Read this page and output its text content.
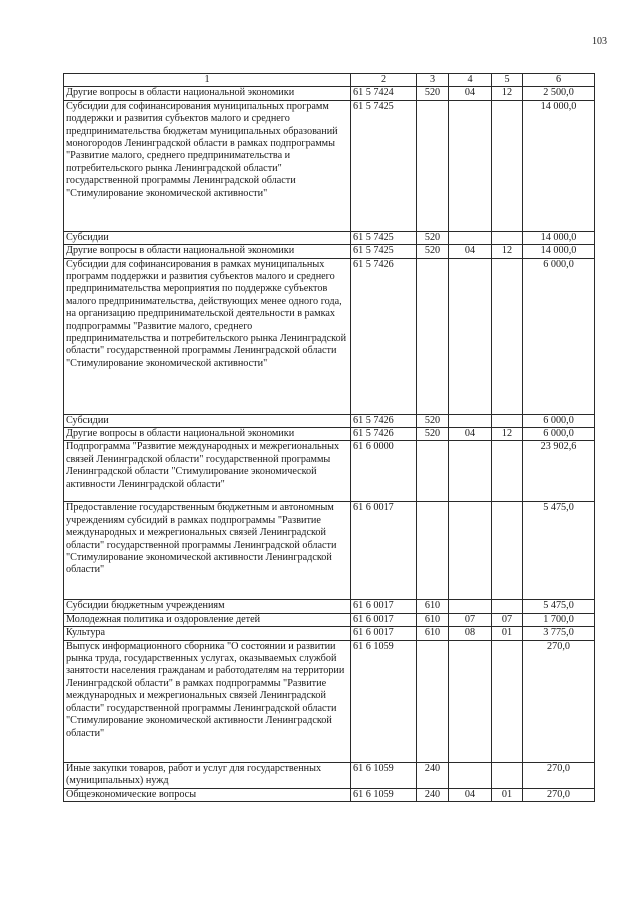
103
1	2	3	4	5	6
Другие вопросы в области национальной экономики	61 5 7424	520	04	12	2 500,0
Субсидии для софинансирования муниципальных программ поддержки и развития субъектов малого и среднего предпринимательства бюджетам муниципальных образований моногородов Ленинградской области в рамках подпрограммы "Развитие малого, среднего предпринимательства и потребительского рынка Ленинградской области" государственной программы Ленинградской области "Стимулирование экономической активности"	61 5 7425				14 000,0
Субсидии	61 5 7425	520			14 000,0
Другие вопросы в области национальной экономики	61 5 7425	520	04	12	14 000,0
Субсидии для софинансирования в рамках муниципальных программ поддержки и развития субъектов малого и среднего предпринимательства мероприятия по поддержке субъектов малого предпринимательства, действующих менее одного года, на организацию предпринимательской деятельности в рамках подпрограммы "Развитие малого, среднего предпринимательства и потребительского рынка Ленинградской области" государственной программы Ленинградской области "Стимулирование экономической активности"	61 5 7426				6 000,0
Субсидии	61 5 7426	520			6 000,0
Другие вопросы в области национальной экономики	61 5 7426	520	04	12	6 000,0
Подпрограмма "Развитие международных и межрегиональных связей Ленинградской области" государственной программы Ленинградской области "Стимулирование экономической активности Ленинградской области"	61 6 0000				23 902,6
Предоставление государственным бюджетным и автономным учреждениям субсидий в рамках подпрограммы "Развитие международных и межрегиональных связей Ленинградской области" государственной программы Ленинградской области "Стимулирование экономической активности Ленинградской области"	61 6 0017				5 475,0
Субсидии бюджетным учреждениям	61 6 0017	610			5 475,0
Молодежная политика и оздоровление детей	61 6 0017	610	07	07	1 700,0
Культура	61 6 0017	610	08	01	3 775,0
Выпуск информационного сборника "О состоянии и развитии рынка труда, государственных услугах, оказываемых службой занятости населения гражданам и работодателям на территории Ленинградской области" в рамках подпрограммы "Развитие международных и межрегиональных связей Ленинградской области" государственной программы Ленинградской области "Стимулирование экономической активности Ленинградской области"	61 6 1059				270,0
Иные закупки товаров, работ и услуг для государственных (муниципальных) нужд	61 6 1059	240			270,0
Общеэкономические вопросы	61 6 1059	240	04	01	270,0
